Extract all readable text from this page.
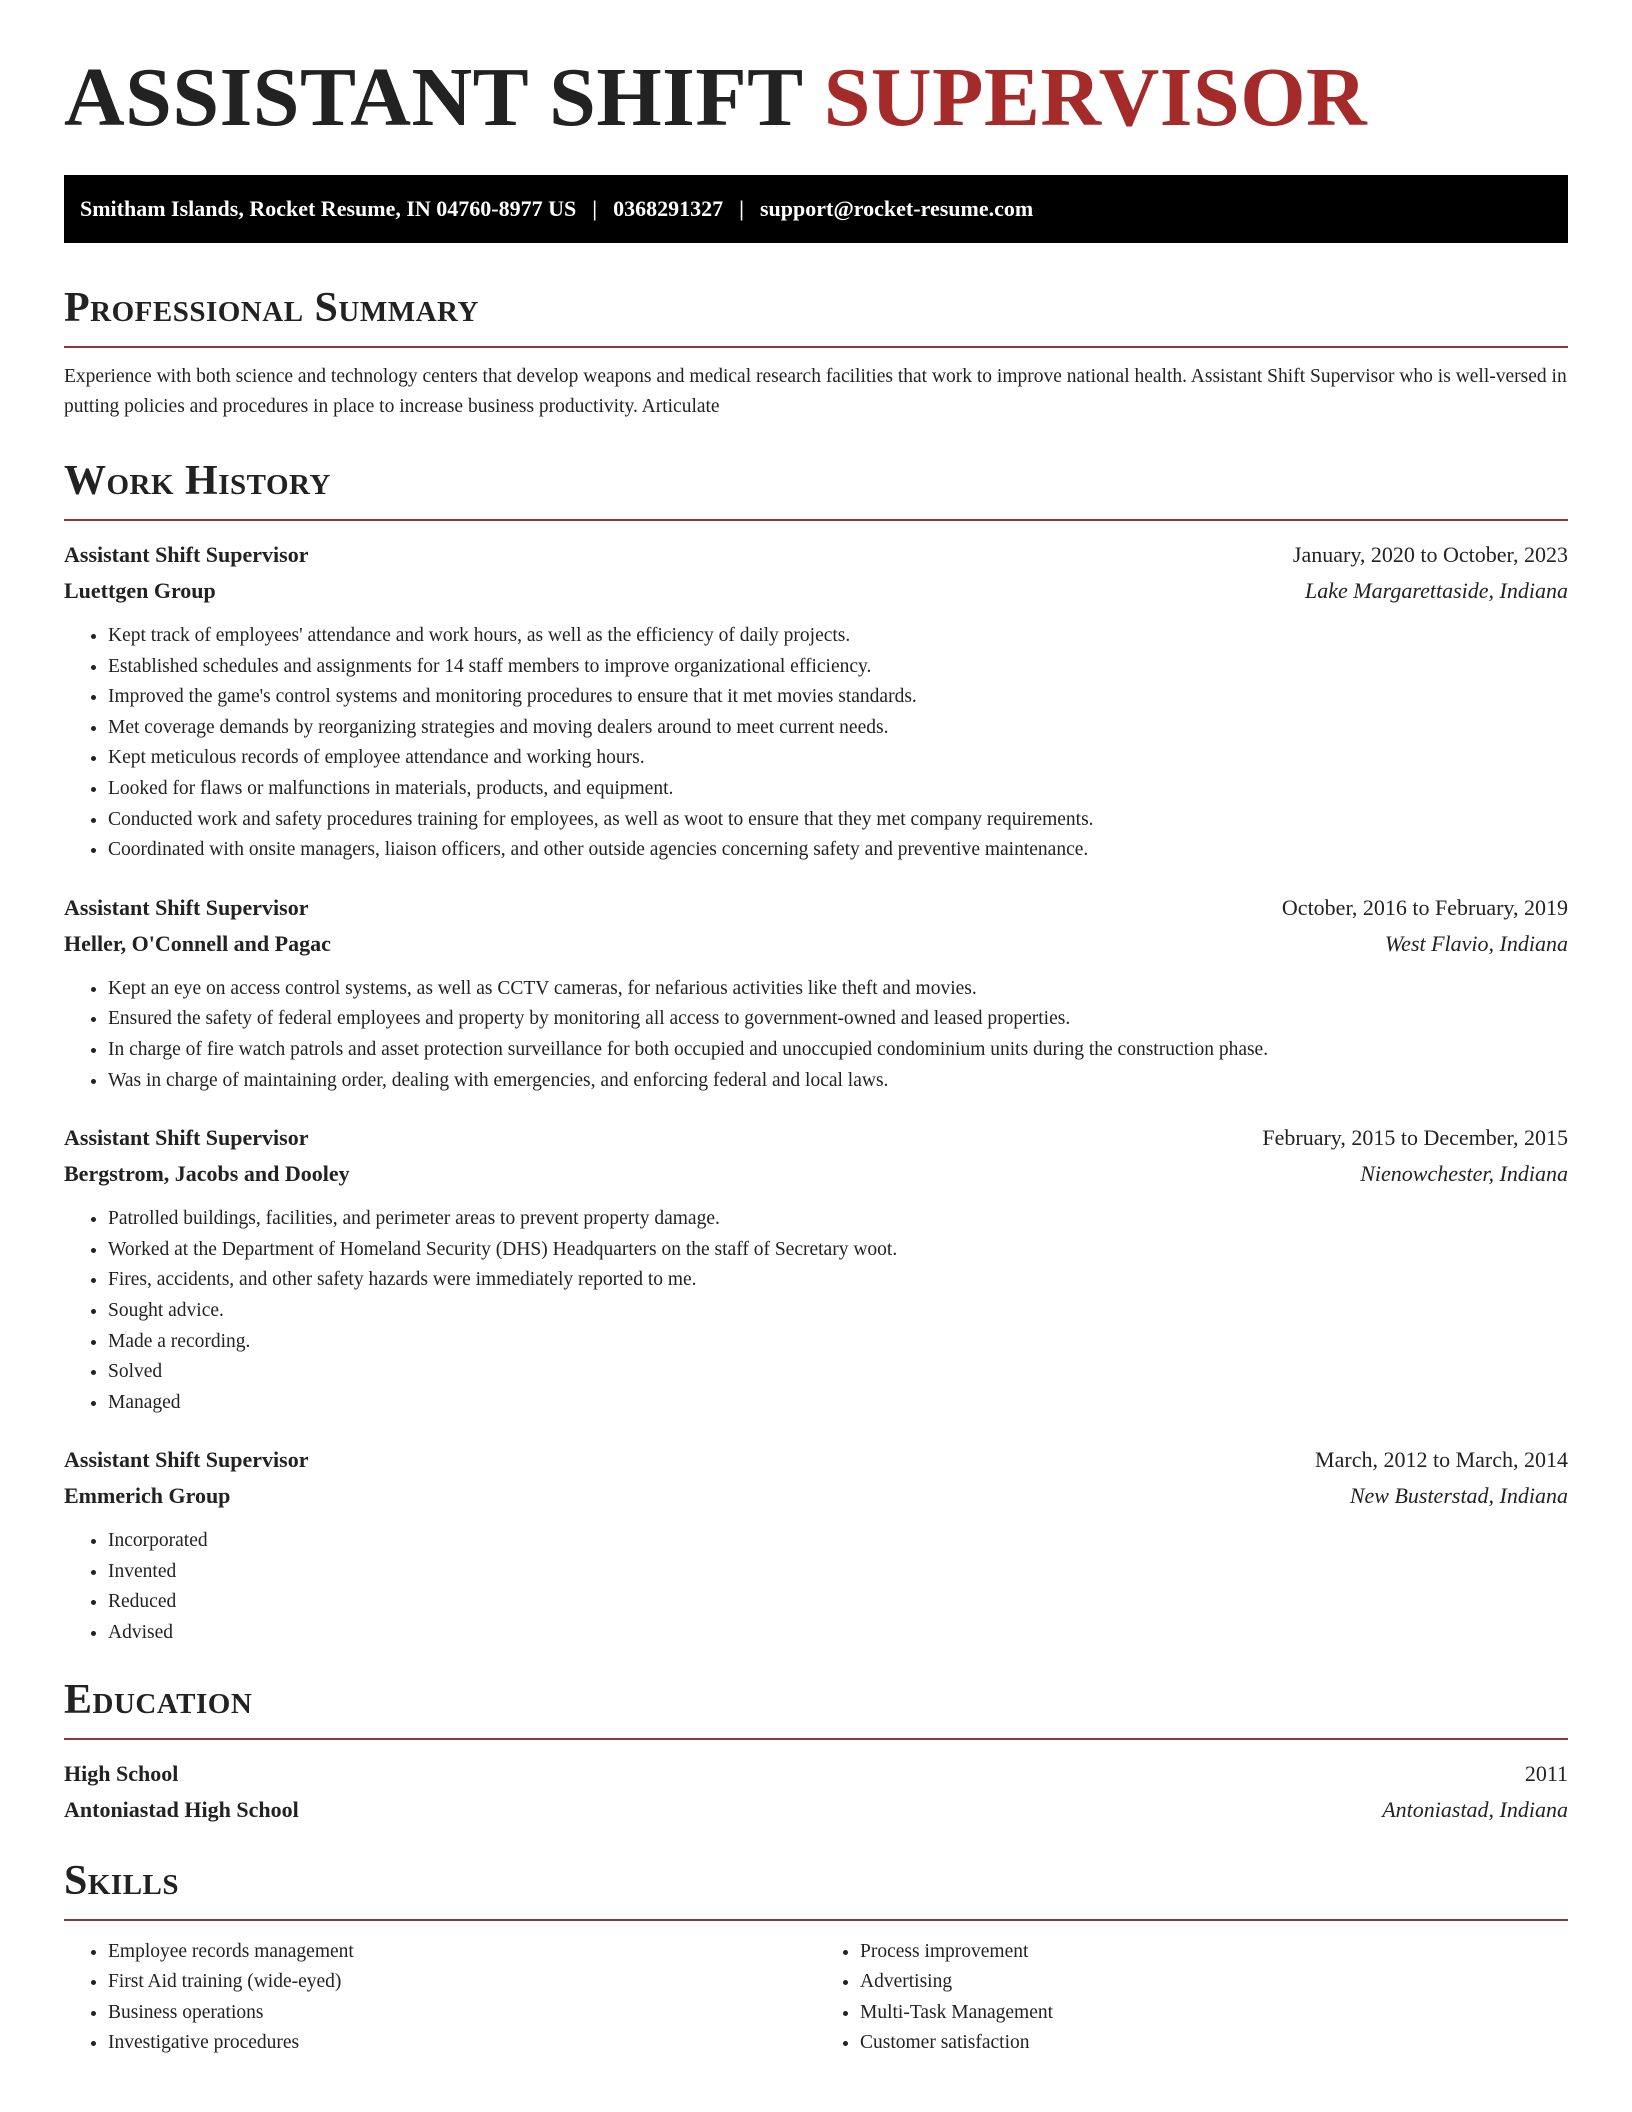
ASSISTANT SHIFT SUPERVISOR
Smitham Islands, Rocket Resume, IN 04760-8977 US | 0368291327 | support@rocket-resume.com
Professional Summary

Experience with both science and technology centers that develop weapons and medical research facilities that work to improve national health. Assistant Shift Supervisor who is well-versed in putting policies and procedures in place to increase business productivity. Articulate

Work History
Assistant Shift Supervisor	January, 2020 to October, 2023
Luettgen Group	Lake Margarettaside, Indiana
• Kept track of employees' attendance and work hours, as well as the efficiency of daily projects.
• Established schedules and assignments for 14 staff members to improve organizational efficiency.
• Improved the game's control systems and monitoring procedures to ensure that it met movies standards.
• Met coverage demands by reorganizing strategies and moving dealers around to meet current needs.
• Kept meticulous records of employee attendance and working hours.
• Looked for flaws or malfunctions in materials, products, and equipment.
• Conducted work and safety procedures training for employees, as well as woot to ensure that they met company requirements.
• Coordinated with onsite managers, liaison officers, and other outside agencies concerning safety and preventive maintenance.
Assistant Shift Supervisor	October, 2016 to February, 2019
Heller, O'Connell and Pagac	West Flavio, Indiana
• Kept an eye on access control systems, as well as CCTV cameras, for nefarious activities like theft and movies.
• Ensured the safety of federal employees and property by monitoring all access to government-owned and leased properties.
• In charge of fire watch patrols and asset protection surveillance for both occupied and unoccupied condominium units during the construction phase.
• Was in charge of maintaining order, dealing with emergencies, and enforcing federal and local laws.
Assistant Shift Supervisor	February, 2015 to December, 2015
Bergstrom, Jacobs and Dooley	Nienowchester, Indiana
• Patrolled buildings, facilities, and perimeter areas to prevent property damage.
• Worked at the Department of Homeland Security (DHS) Headquarters on the staff of Secretary woot.
• Fires, accidents, and other safety hazards were immediately reported to me.
• Sought advice.
• Made a recording.
• Solved
• Managed
Assistant Shift Supervisor	March, 2012 to March, 2014
Emmerich Group	New Busterstad, Indiana
• Incorporated
• Invented
• Reduced
• Advised
Education
High School	2011
Antoniastad High School	Antoniastad, Indiana
Skills
• Employee records management
• First Aid training (wide-eyed)
• Business operations
• Investigative procedures
• Process improvement
• Advertising
• Multi-Task Management
• Customer satisfaction
